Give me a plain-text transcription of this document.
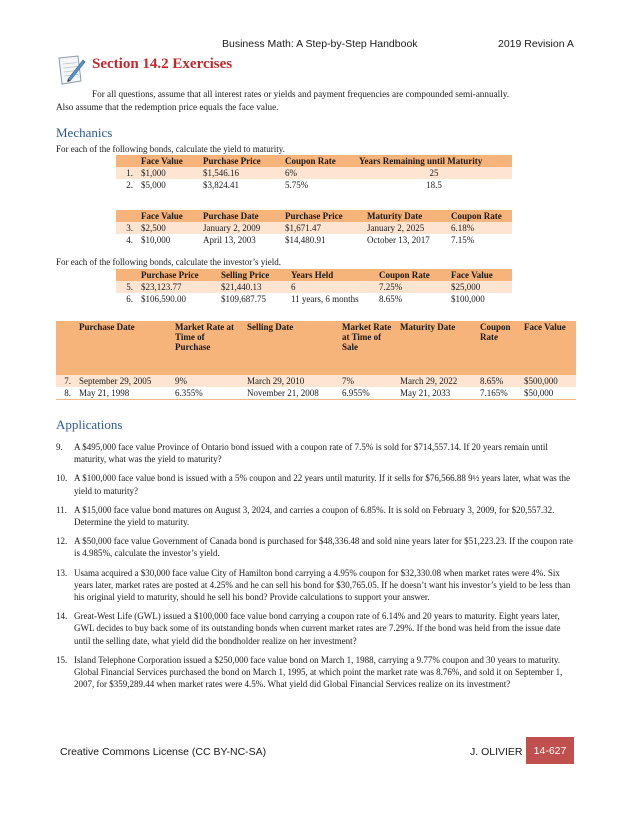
Business Math: A Step-by-Step Handbook	2019 Revision A
Section 14.2 Exercises
For all questions, assume that all interest rates or yields and payment frequencies are compounded semi-annually.
Also assume that the redemption price equals the face value.
Mechanics
For each of the following bonds, calculate the yield to maturity.
	Face Value	Purchase Price	Coupon Rate	Years Remaining until Maturity
1.	$1,000	$1,546.16	6%	25
2.	$5,000	$3,824.41	5.75%	18.5
	Face Value	Purchase Date	Purchase Price	Maturity Date	Coupon Rate
3.	$2,500	January 2, 2009	$1,671.47	January 2, 2025	6.18%
4.	$10,000	April 13, 2003	$14,480.91	October 13, 2017	7.15%
For each of the following bonds, calculate the investor’s yield.
	Purchase Price	Selling Price	Years Held	Coupon Rate	Face Value
5.	$23,123.77	$21,440.13	6	7.25%	$25,000
6.	$106,590.00	$109,687.75	11 years, 6 months	8.65%	$100,000
	Purchase Date	Market Rate at Time of Purchase	Selling Date	Market Rate at Time of Sale	Maturity Date	Coupon Rate	Face Value
7.	September 29, 2005	9%	March 29, 2010	7%	March 29, 2022	8.65%	$500,000
8.	May 21, 1998	6.355%	November 21, 2008	6.955%	May 21, 2033	7.165%	$50,000
Applications
9. A $495,000 face value Province of Ontario bond issued with a coupon rate of 7.5% is sold for $714,557.14. If 20 years remain until maturity, what was the yield to maturity?
10. A $100,000 face value bond is issued with a 5% coupon and 22 years until maturity. If it sells for $76,566.88 9½ years later, what was the yield to maturity?
11. A $15,000 face value bond matures on August 3, 2024, and carries a coupon of 6.85%. It is sold on February 3, 2009, for $20,557.32. Determine the yield to maturity.
12. A $50,000 face value Government of Canada bond is purchased for $48,336.48 and sold nine years later for $51,223.23. If the coupon rate is 4.985%, calculate the investor’s yield.
13. Usama acquired a $30,000 face value City of Hamilton bond carrying a 4.95% coupon for $32,330.08 when market rates were 4%. Six years later, market rates are posted at 4.25% and he can sell his bond for $30,765.05. If he doesn’t want his investor’s yield to be less than his original yield to maturity, should he sell his bond? Provide calculations to support your answer.
14. Great-West Life (GWL) issued a $100,000 face value bond carrying a coupon rate of 6.14% and 20 years to maturity. Eight years later, GWL decides to buy back some of its outstanding bonds when current market rates are 7.29%. If the bond was held from the issue date until the selling date, what yield did the bondholder realize on her investment?
15. Island Telephone Corporation issued a $250,000 face value bond on March 1, 1988, carrying a 9.77% coupon and 30 years to maturity. Global Financial Services purchased the bond on March 1, 1995, at which point the market rate was 8.76%, and sold it on September 1, 2007, for $359,289.44 when market rates were 4.5%. What yield did Global Financial Services realize on its investment?
Creative Commons License (CC BY-NC-SA)	J. OLIVIER	14-627
